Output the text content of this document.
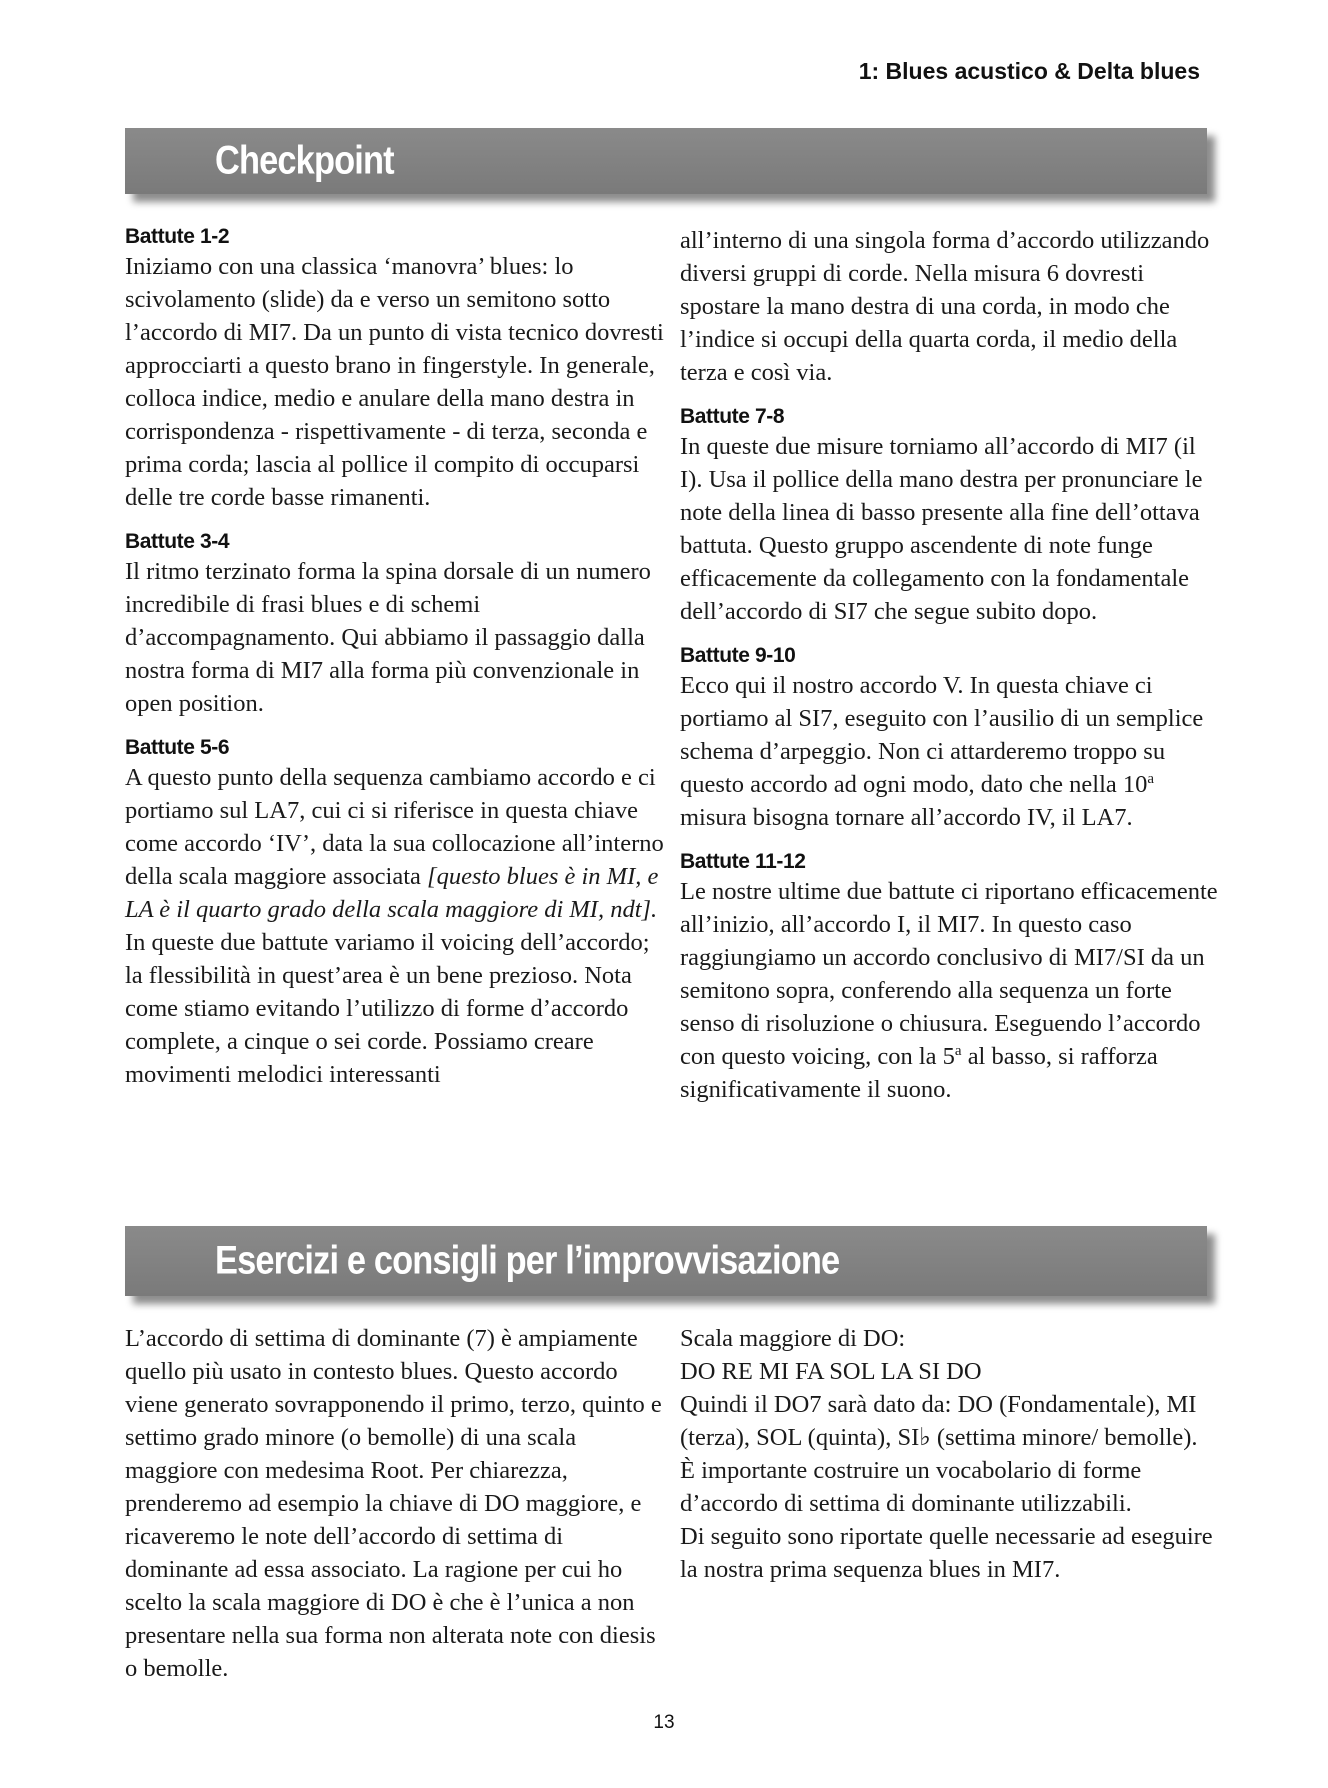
1: Blues acustico & Delta blues
Checkpoint
Battute 1-2

Iniziamo con una classica ‘manovra’ blues: lo scivolamento (slide) da e verso un semitono sotto l’accordo di MI7. Da un punto di vista tecnico dovresti approcciarti a questo brano in fingerstyle. In generale, colloca indice, medio e anulare della mano destra in corrispondenza - rispettivamente - di terza, seconda e prima corda; lascia al pollice il compito di occuparsi delle tre corde basse rimanenti.

Battute 3-4

Il ritmo terzinato forma la spina dorsale di un numero incredibile di frasi blues e di schemi d’accompagnamento. Qui abbiamo il passaggio dalla nostra forma di MI7 alla forma più convenzionale in open position.

Battute 5-6

A questo punto della sequenza cambiamo accordo e ci portiamo sul LA7, cui ci si riferisce in questa chiave come accordo ‘IV’, data la sua collocazione all’interno della scala maggiore associata [questo blues è in MI, e LA è il quarto grado della scala maggiore di MI, ndt].

In queste due battute variamo il voicing dell’accordo; la flessibilità in quest’area è un bene prezioso. Nota come stiamo evitando l’utilizzo di forme d’accordo complete, a cinque o sei corde. Possiamo creare movimenti melodici interessanti

all’interno di una singola forma d’accordo utilizzando diversi gruppi di corde. Nella misura 6 dovresti spostare la mano destra di una corda, in modo che l’indice si occupi della quarta corda, il medio della terza e così via.

Battute 7-8

In queste due misure torniamo all’accordo di MI7 (il I). Usa il pollice della mano destra per pronunciare le note della linea di basso presente alla fine dell’ottava battuta. Questo gruppo ascendente di note funge efficacemente da collegamento con la fondamentale dell’accordo di SI7 che segue subito dopo.

Battute 9-10

Ecco qui il nostro accordo V. In questa chiave ci portiamo al SI7, eseguito con l’ausilio di un semplice schema d’arpeggio. Non ci attarderemo troppo su questo accordo ad ogni modo, dato che nella 10$^a$ misura bisogna tornare all’accordo IV, il LA7.

Battute 11-12

Le nostre ultime due battute ci riportano efficacemente all’inizio, all’accordo I, il MI7. In questo caso raggiungiamo un accordo conclusivo di MI7/SI da un semitono sopra, conferendo alla sequenza un forte senso di risoluzione o chiusura. Eseguendo l’accordo con questo voicing, con la 5$^a$ al basso, si rafforza significativamente il suono.

Esercizi e consigli per l’improvvisazione

L’accordo di settima di dominante (7) è ampiamente quello più usato in contesto blues. Questo accordo viene generato sovrapponendo il primo, terzo, quinto e settimo grado minore (o bemolle) di una scala maggiore con medesima Root. Per chiarezza, prenderemo ad esempio la chiave di DO maggiore, e ricaveremo le note dell’accordo di settima di dominante ad essa associato. La ragione per cui ho scelto la scala maggiore di DO è che è l’unica a non presentare nella sua forma non alterata note con diesis o bemolle.

Scala maggiore di DO:

DO RE MI FA SOL LA SI DO

Quindi il DO7 sarà dato da: DO (Fondamentale), MI (terza), SOL (quinta), SI♭ (settima minore/ bemolle).

È importante costruire un vocabolario di forme d’accordo di settima di dominante utilizzabili.

Di seguito sono riportate quelle necessarie ad eseguire la nostra prima sequenza blues in MI7.

13
